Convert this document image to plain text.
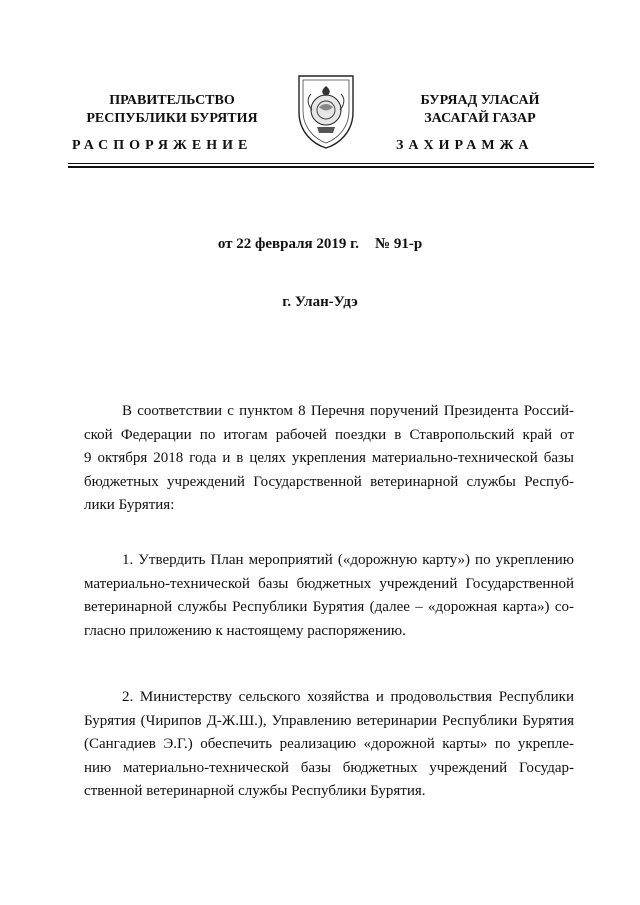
ПРАВИТЕЛЬСТВО
РЕСПУБЛИКИ БУРЯТИЯ
БУРЯАД УЛАСАЙ
ЗАСАГАЙ ГАЗАР
РАСПОРЯЖЕНИЕ	ЗАХИРАМЖА
от 22 февраля 2019 г. № 91-р
г. Улан-Удэ
В соответствии с пунктом 8 Перечня поручений Президента Россий-
ской Федерации по итогам рабочей поездки в Ставропольский край от
9 октября 2018 года и в целях укрепления материально-технической базы
бюджетных учреждений Государственной ветеринарной службы Респуб-
лики Бурятия:
1. Утвердить План мероприятий («дорожную карту») по укреплению
материально-технической базы бюджетных учреждений Государственной
ветеринарной службы Республики Бурятия (далее – «дорожная карта») со-
гласно приложению к настоящему распоряжению.
2. Министерству сельского хозяйства и продовольствия Республики
Бурятия (Чирипов Д-Ж.Ш.), Управлению ветеринарии Республики Бурятия
(Сангадиев Э.Г.) обеспечить реализацию «дорожной карты» по укрепле-
нию материально-технической базы бюджетных учреждений Государ-
ственной ветеринарной службы Республики Бурятия.
